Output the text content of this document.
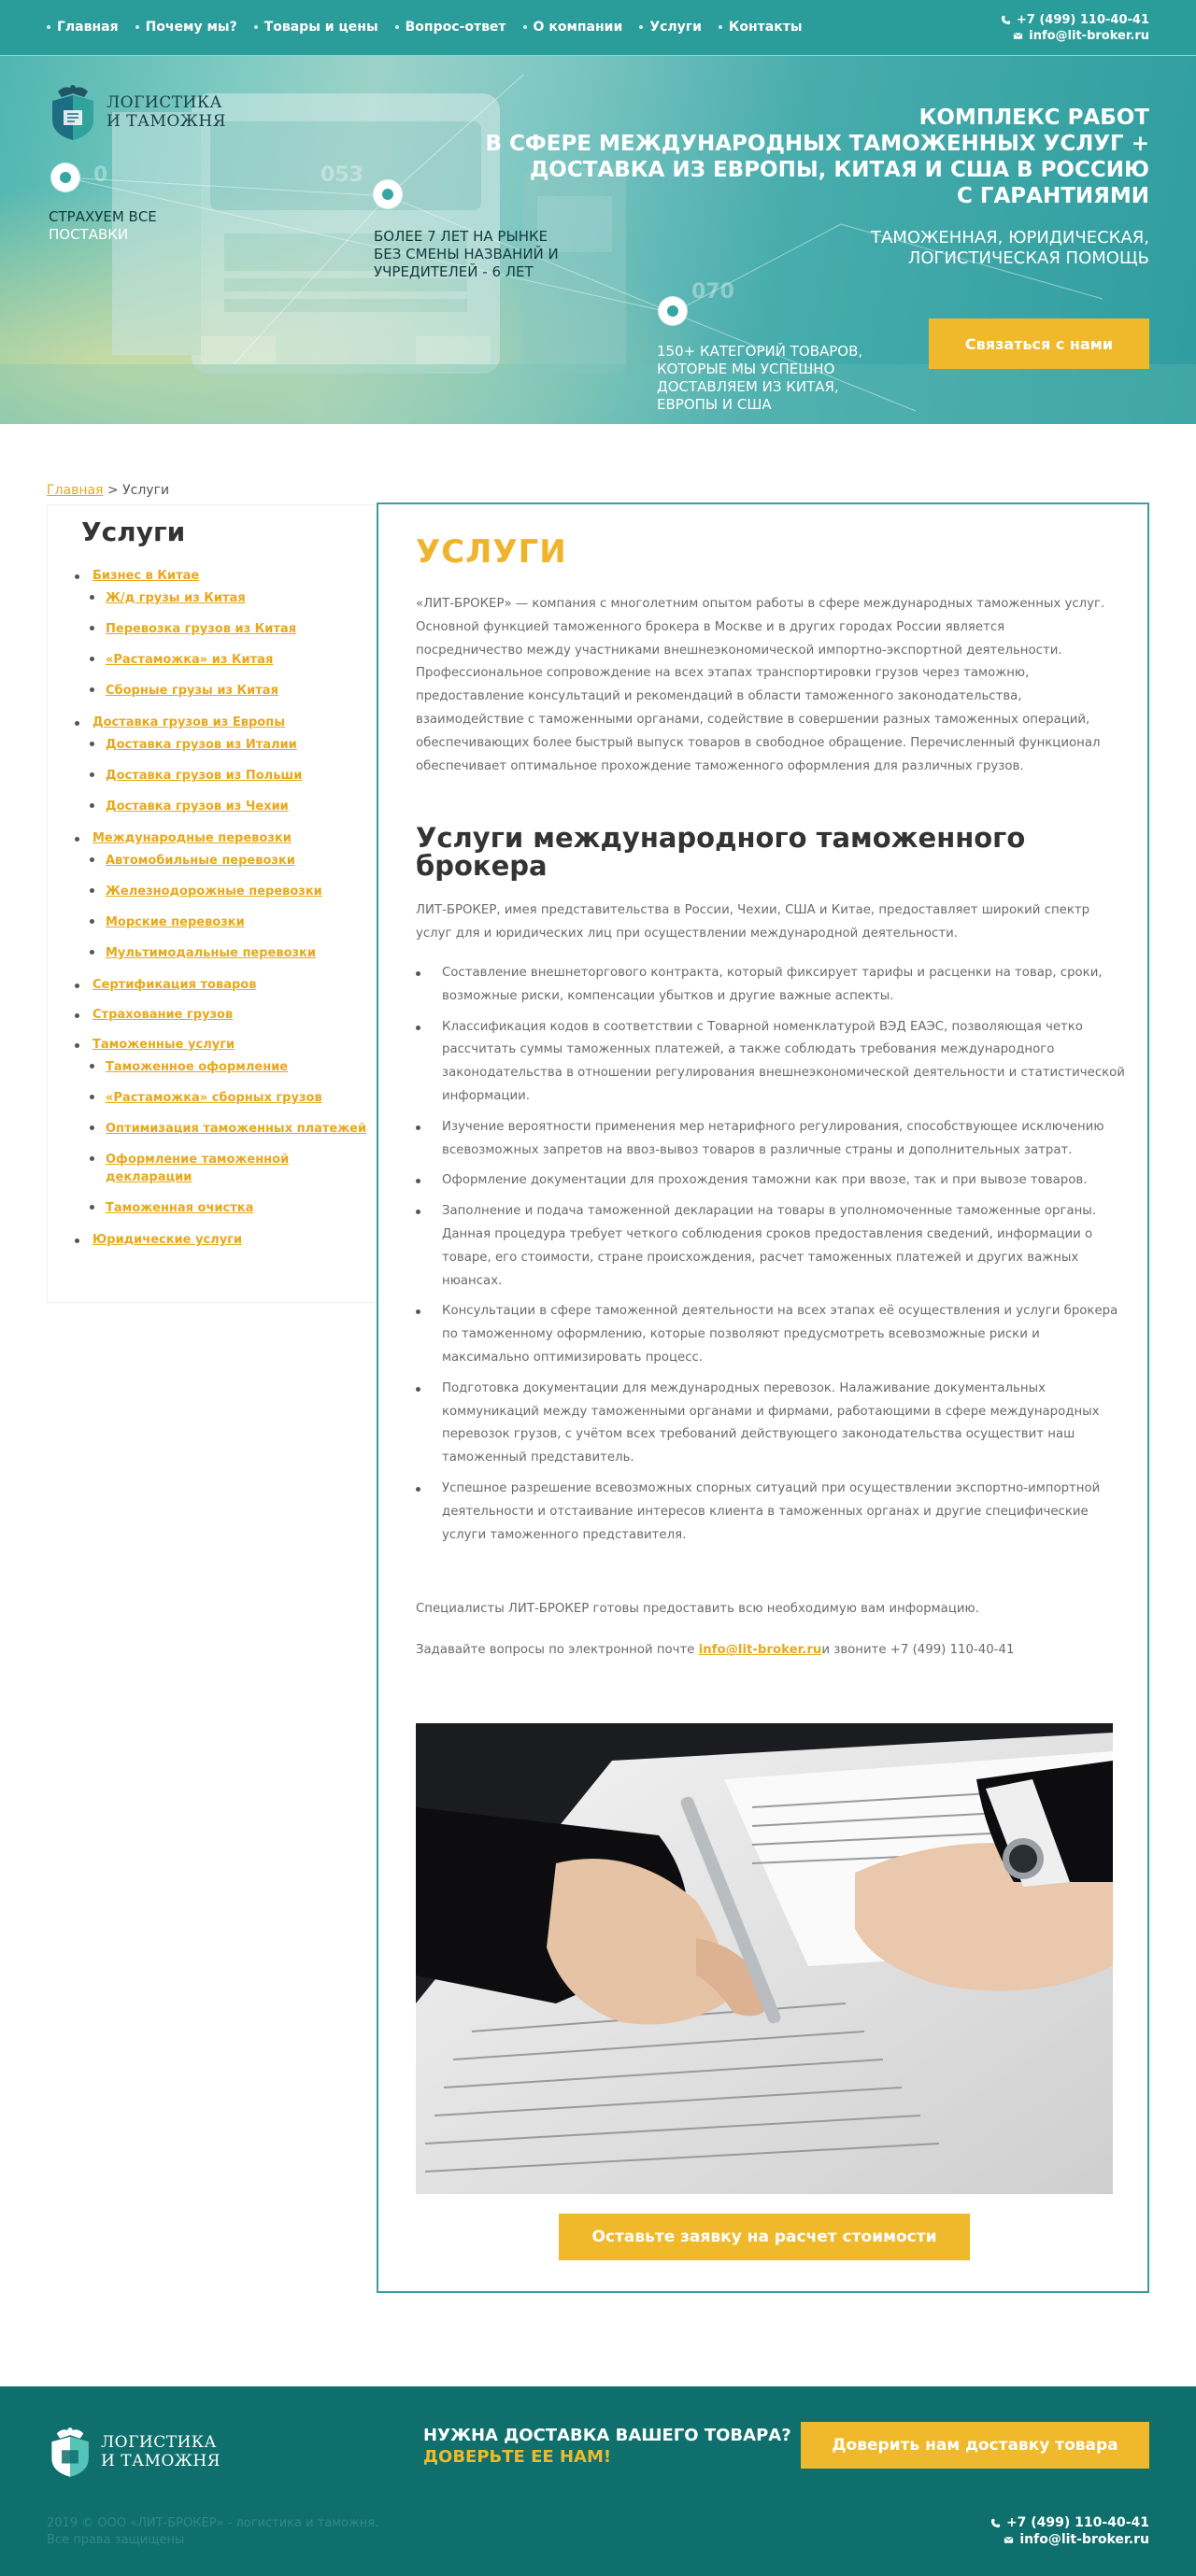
Главная	Почему мы?	Товары и цены	Вопрос-ответ	О компании	Услуги	Контакты	+7 (499) 110-40-41
info@lit-broker.ru
ЛОГИСТИКА
И ТАМОЖНЯ
0	053
070
СТРАХУЕМ ВСЕ
ПОСТАВКИ	БОЛЕЕ 7 ЛЕТ НА РЫНКЕ
БЕЗ СМЕНЫ НАЗВАНИЙ И
УЧРЕДИТЕЛЕЙ - 6 ЛЕТ
150+ КАТЕГОРИЙ ТОВАРОВ,
КОТОРЫЕ МЫ УСПЕШНО
ДОСТАВЛЯЕМ ИЗ КИТАЯ,
ЕВРОПЫ И США
КОМПЛЕКС РАБОТ
В СФЕРЕ МЕЖДУНАРОДНЫХ ТАМОЖЕННЫХ УСЛУГ +
ДОСТАВКА ИЗ ЕВРОПЫ, КИТАЯ И США В РОССИЮ
С ГАРАНТИЯМИ
ТАМОЖЕННАЯ, ЮРИДИЧЕСКАЯ,
ЛОГИСТИЧЕСКАЯ ПОМОЩЬ
Связаться с нами
Главная > Услуги
Услуги
Бизнес в Китае
Ж/д грузы из Китая
Перевозка грузов из Китая
«Растаможка» из Китая
Сборные грузы из Китая
Доставка грузов из Европы
Доставка грузов из Италии
Доставка грузов из Польши
Доставка грузов из Чехии
Международные перевозки
Автомобильные перевозки
Железнодорожные перевозки
Морские перевозки
Мультимодальные перевозки
Сертификация товаров
Страхование грузов
Таможенные услуги
Таможенное оформление
«Растаможка» сборных грузов
Оптимизация таможенных платежей
Оформление таможенной декларации
Таможенная очистка
Юридические услуги
УСЛУГИ

«ЛИТ-БРОКЕР» — компания с многолетним опытом работы в сфере международных таможенных услуг. Основной функцией таможенного брокера в Москве и в других городах России является посредничество между участниками внешнеэкономической импортно-экспортной деятельности. Профессиональное сопровождение на всех этапах транспортировки грузов через таможню, предоставление консультаций и рекомендаций в области таможенного законодательства, взаимодействие с таможенными органами, содействие в совершении разных таможенных операций, обеспечивающих более быстрый выпуск товаров в свободное обращение. Перечисленный функционал обеспечивает оптимальное прохождение таможенного оформления для различных грузов.

Услуги международного таможенного брокера

ЛИТ-БРОКЕР, имея представительства в России, Чехии, США и Китае, предоставляет широкий спектр услуг для и юридических лиц при осуществлении международной деятельности.

Составление внешнеторгового контракта, который фиксирует тарифы и расценки на товар, сроки, возможные риски, компенсации убытков и другие важные аспекты.
Классификация кодов в соответствии с Товарной номенклатурой ВЭД ЕАЭС, позволяющая четко рассчитать суммы таможенных платежей, а также соблюдать требования международного законодательства в отношении регулирования внешнеэкономической деятельности и статистической информации.
Изучение вероятности применения мер нетарифного регулирования, способствующее исключению всевозможных запретов на ввоз-вывоз товаров в различные страны и дополнительных затрат.
Оформление документации для прохождения таможни как при ввозе, так и при вывозе товаров.
Заполнение и подача таможенной декларации на товары в уполномоченные таможенные органы. Данная процедура требует четкого соблюдения сроков предоставления сведений, информации о товаре, его стоимости, стране происхождения, расчет таможенных платежей и других важных нюансах.
Консультации в сфере таможенной деятельности на всех этапах её осуществления и услуги брокера по таможенному оформлению, которые позволяют предусмотреть всевозможные риски и максимально оптимизировать процесс.
Подготовка документации для международных перевозок. Налаживание документальных коммуникаций между таможенными органами и фирмами, работающими в сфере международных перевозок грузов, с учётом всех требований действующего законодательства осуществит наш таможенный представитель.
Успешное разрешение всевозможных спорных ситуаций при осуществлении экспортно-импортной деятельности и отстаивание интересов клиента в таможенных органах и другие специфические услуги таможенного представителя.

Специалисты ЛИТ-БРОКЕР готовы предоставить всю необходимую вам информацию.

Задавайте вопросы по электронной почте info@lit-broker.ruи звоните +7 (499) 110-40-41

Оставьте заявку на расчет стоимости
ЛОГИСТИКА
И ТАМОЖНЯ
НУЖНА ДОСТАВКА ВАШЕГО ТОВАРА?
ДОВЕРЬТЕ ЕЕ НАМ!
Доверить нам доставку товара
2019 © ООО «ЛИТ-БРОКЕР» - логистика и таможня.
Все права защищены
+7 (499) 110-40-41
info@lit-broker.ru
